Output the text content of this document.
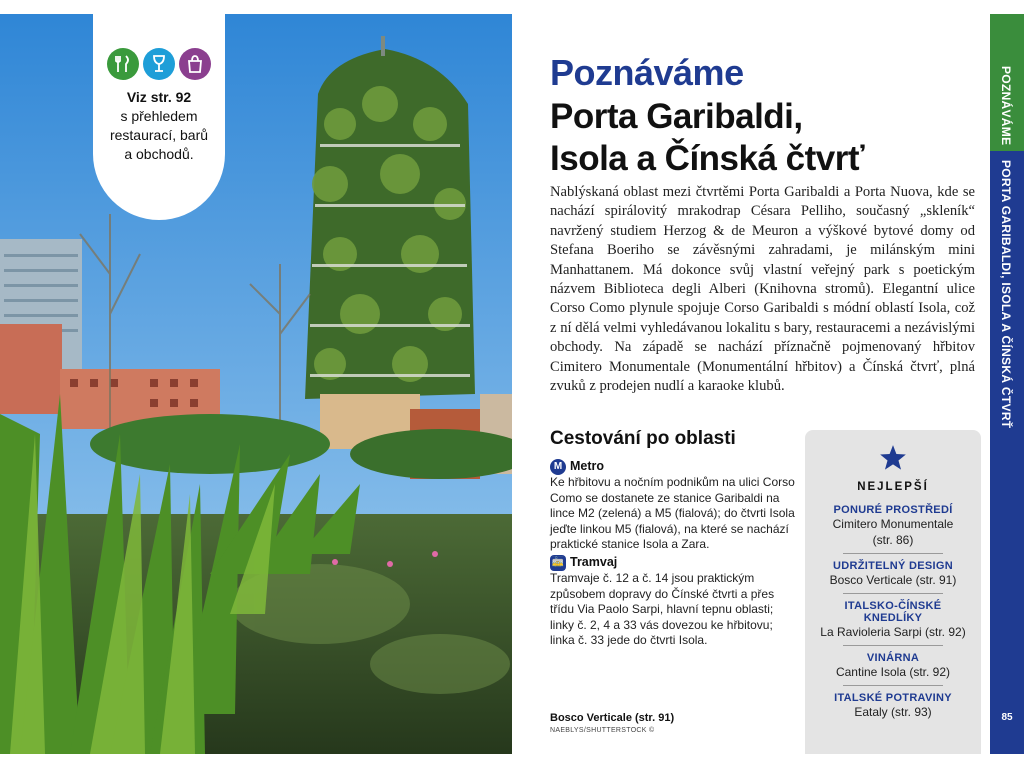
Viz str. 92
s přehledem
restaurací, barů
a obchodů.
Poznáváme
Porta Garibaldi,
Isola a Čínská čtvrť
Nablýskaná oblast mezi čtvrtěmi Porta Garibaldi a Porta Nuova, kde se nachází spirálovitý mrakodrap Césara Pelliho, současný „skleník“ navržený studiem Herzog & de Meuron a výškové bytové domy od Stefana Boeriho se závěsnými zahradami, je milánským mini Manhattanem. Má dokonce svůj vlastní veřejný park s poetickým názvem Biblioteca degli Alberi (Knihovna stromů). Elegantní ulice Corso Como plynule spojuje Corso Garibaldi s módní oblastí Isola, což z ní dělá velmi vyhledávanou lokalitu s bary, restauracemi a nezávislými obchody. Na západě se nachází příznačně pojmenovaný hřbitov Cimitero Monumentale (Monumentální hřbitov) a Čínská čtvrť, plná zvuků z prodejen nudlí a karaoke klubů.
Cestování po oblasti
M Metro

Ke hřbitovu a nočním podnikům na ulici Corso Como se dostanete ze stanice Garibaldi na lince M2 (zelená) a M5 (fialová); do čtvrti Isola jeďte linkou M5 (fialová), na které se nachází praktické stanice Isola a Zara.

🚋 Tramvaj

Tramvaje č. 12 a č. 14 jsou praktickým způsobem dopravy do Čínské čtvrti a přes třídu Via Paolo Sarpi, hlavní tepnu oblasti; linky č. 2, 4 a 33 vás dovezou ke hřbitovu; linka č. 33 jede do čtvrti Isola.

Bosco Verticale (str. 91)
NAEBLYS/SHUTTERSTOCK ©
NEJLEPŠÍ
PONURÉ PROSTŘEDÍ
Cimitero Monumentale
(str. 86)
UDRŽITELNÝ DESIGN
Bosco Verticale (str. 91)
ITALSKO-ČÍNSKÉ KNEDLÍKY
La Ravioleria Sarpi (str. 92)
VINÁRNA
Cantine Isola (str. 92)
ITALSKÉ POTRAVINY
Eataly (str. 93)
POZNÁVÁME
PORTA GARIBALDI, ISOLA A ČÍNSKÁ ČTVRŤ
85
